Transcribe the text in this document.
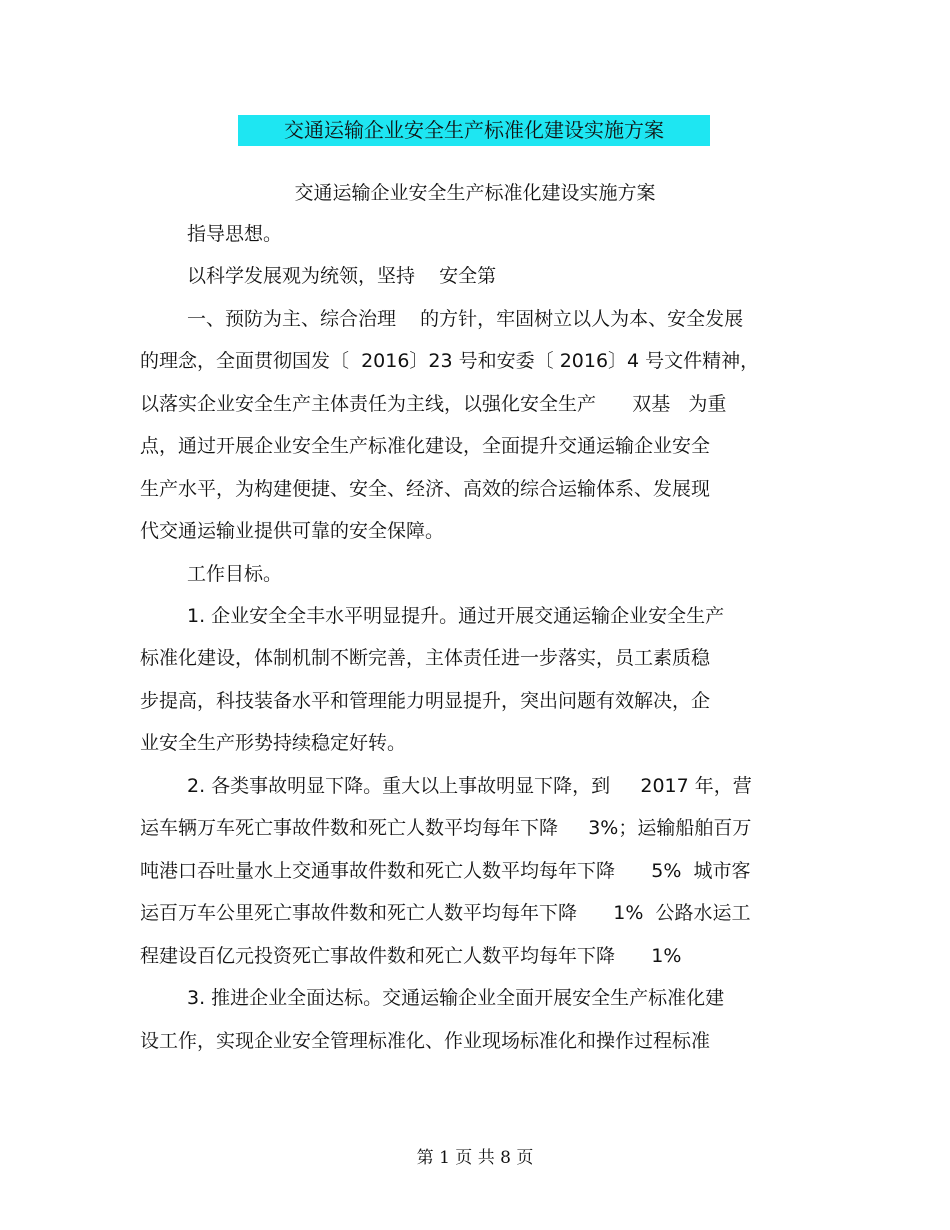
交通运输企业安全生产标准化建设实施方案
交通运输企业安全生产标准化建设实施方案
指导思想。
以科学发展观为统领，坚持    安全第
一、预防为主、综合治理    的方针，牢固树立以人为本、安全发展
的理念，全面贯彻国发〔  2016〕23 号和安委〔 2016〕4 号文件精神，
以落实企业安全生产主体责任为主线，以强化安全生产      双基   为重
点，通过开展企业安全生产标准化建设，全面提升交通运输企业安全
生产水平，为构建便捷、安全、经济、高效的综合运输体系、发展现
代交通运输业提供可靠的安全保障。
工作目标。
1. 企业安全全丰水平明显提升。通过开展交通运输企业安全生产
标准化建设，体制机制不断完善，主体责任进一步落实，员工素质稳
步提高，科技装备水平和管理能力明显提升，突出问题有效解决，企
业安全生产形势持续稳定好转。
2. 各类事故明显下降。重大以上事故明显下降，到     2017 年，营
运车辆万车死亡事故件数和死亡人数平均每年下降     3%；运输船舶百万
吨港口吞吐量水上交通事故件数和死亡人数平均每年下降      5%  城市客
运百万车公里死亡事故件数和死亡人数平均每年下降      1%  公路水运工
程建设百亿元投资死亡事故件数和死亡人数平均每年下降      1%
3. 推进企业全面达标。交通运输企业全面开展安全生产标准化建
设工作，实现企业安全管理标准化、作业现场标准化和操作过程标准
第 1 页 共 8 页
